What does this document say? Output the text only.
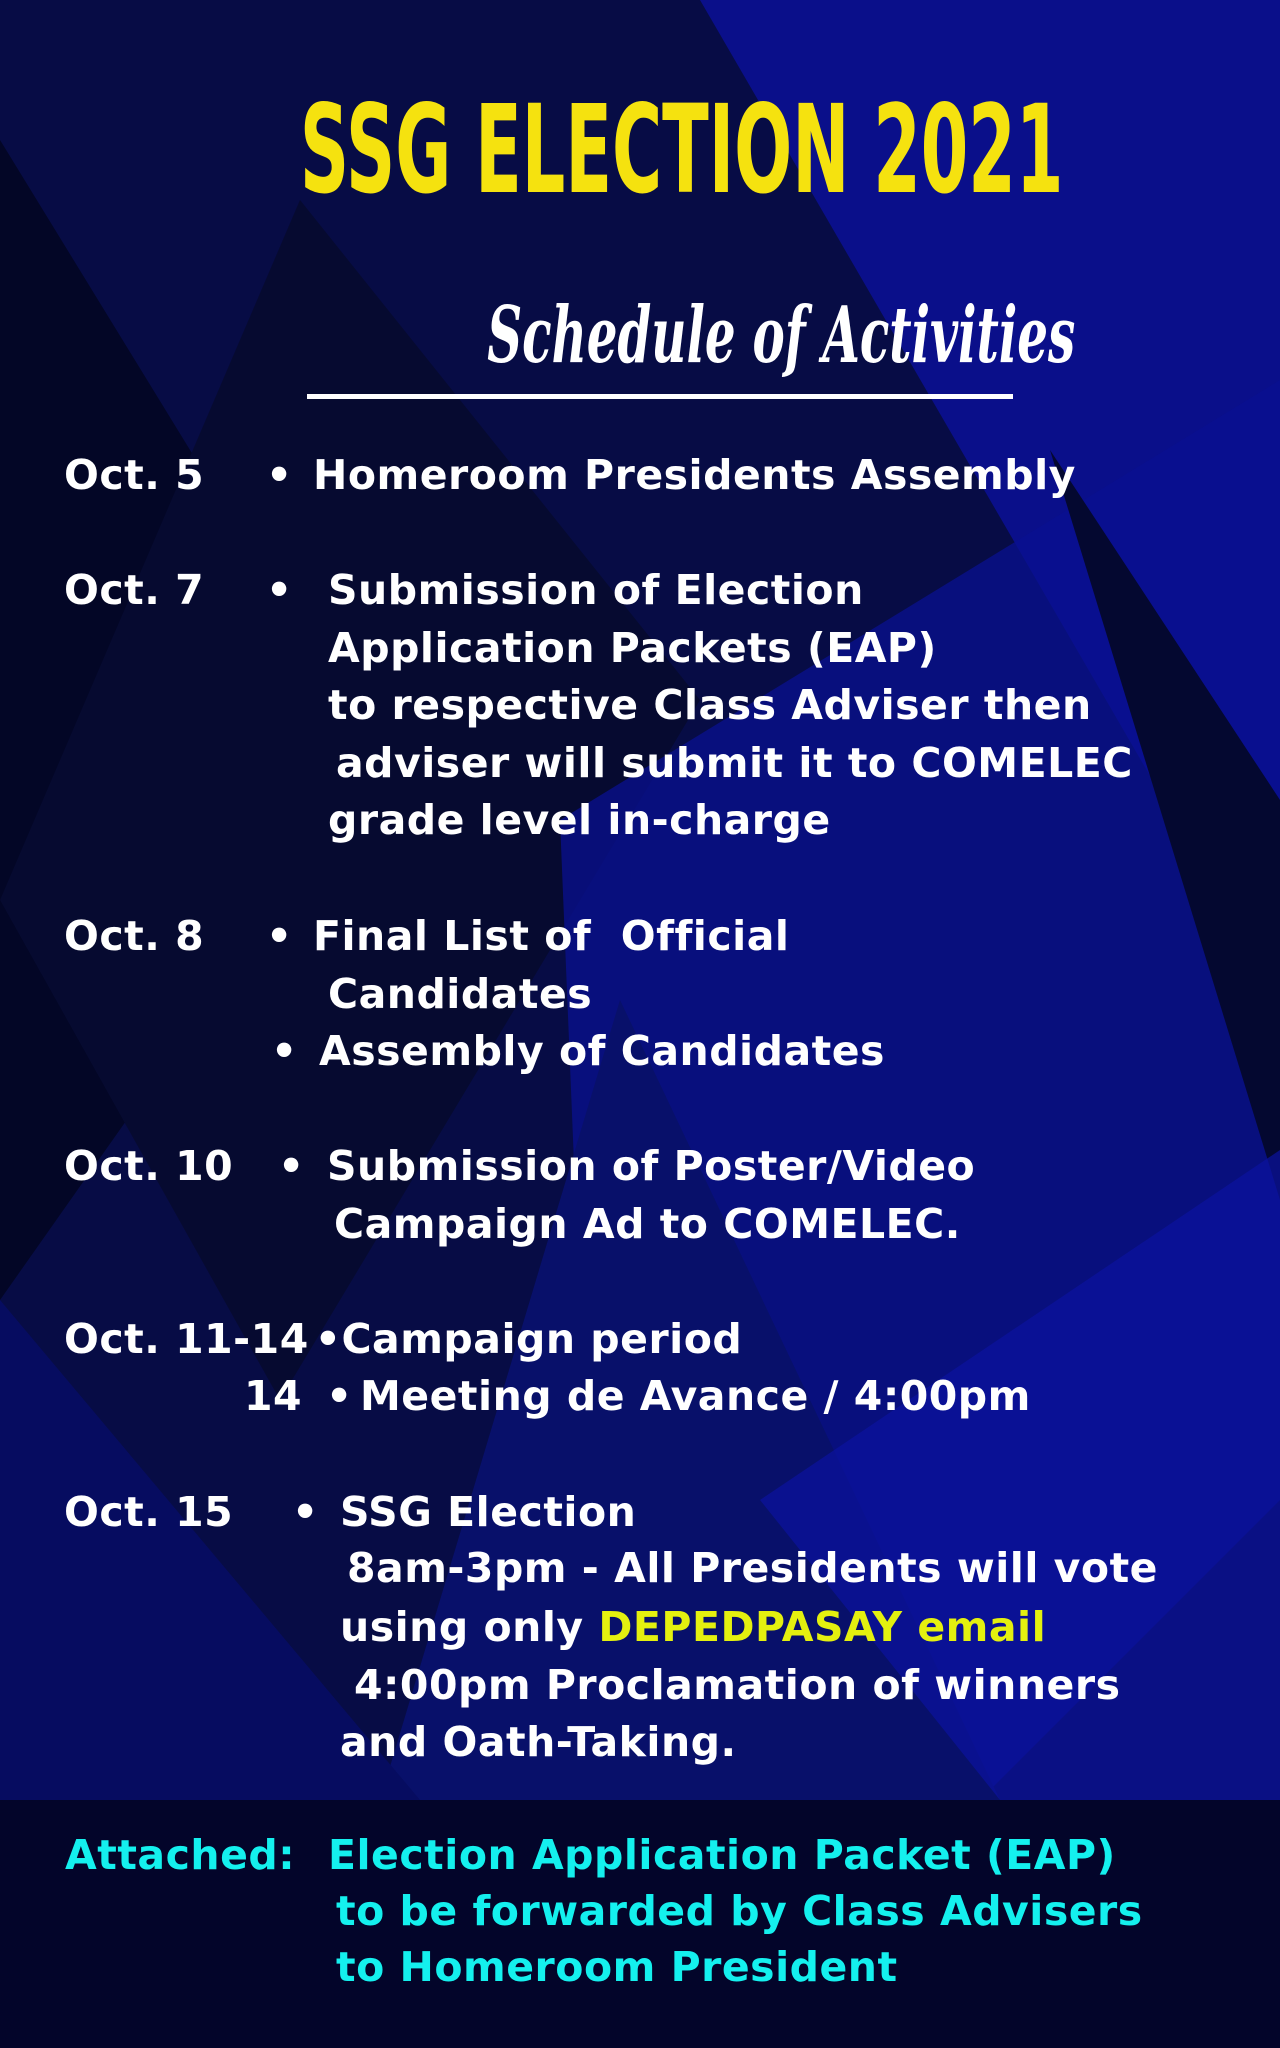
SSG ELECTION 2021
Schedule of Activities
Oct. 5 • Homeroom Presidents Assembly
Oct. 7 • Submission of Election
Application Packets (EAP)
to respective Class Adviser then
adviser will submit it to COMELEC
grade level in-charge
Oct. 8 • Final List of  Official
Candidates
• Assembly of Candidates
Oct. 10 • Submission of Poster/Video
Campaign Ad to COMELEC.
Oct. 11-14 • Campaign period
14 • Meeting de Avance / 4:00pm
Oct. 15 • SSG Election
8am-3pm - All Presidents will vote
using only DEPEDPASAY email
4:00pm Proclamation of winners
and Oath-Taking.
Attached: Election Application Packet (EAP)
to be forwarded by Class Advisers
to Homeroom President
